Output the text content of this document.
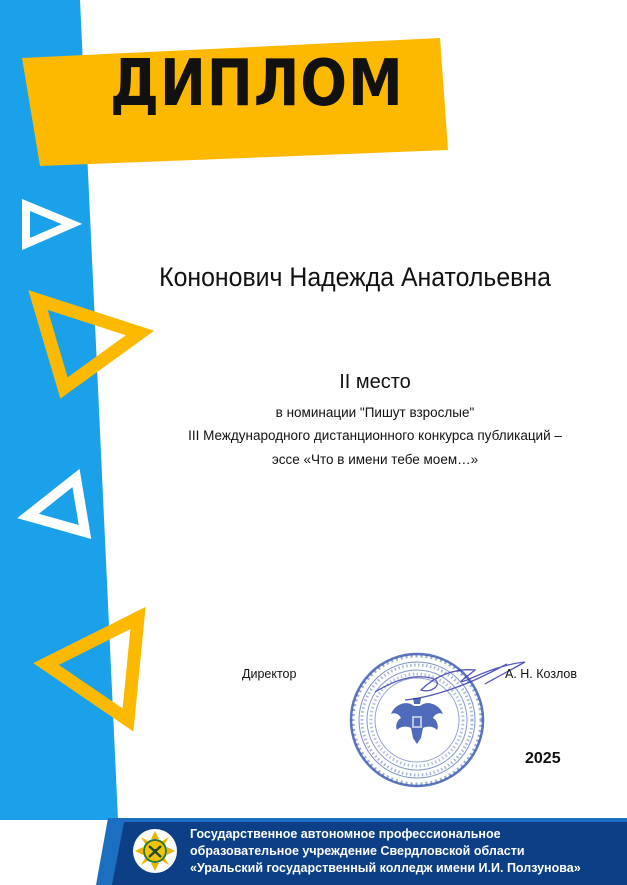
ДИПЛОМ
Кононович Надежда Анатольевна
II место
в номинации "Пишут взрослые"
III Международного дистанционного конкурса публикаций –
эссе «Что в имени тебе моем…»
Директор	А. Н. Козлов
2025
Государственное автономное профессиональное
образовательное учреждение Свердловской области
«Уральский государственный колледж имени И.И. Ползунова»
